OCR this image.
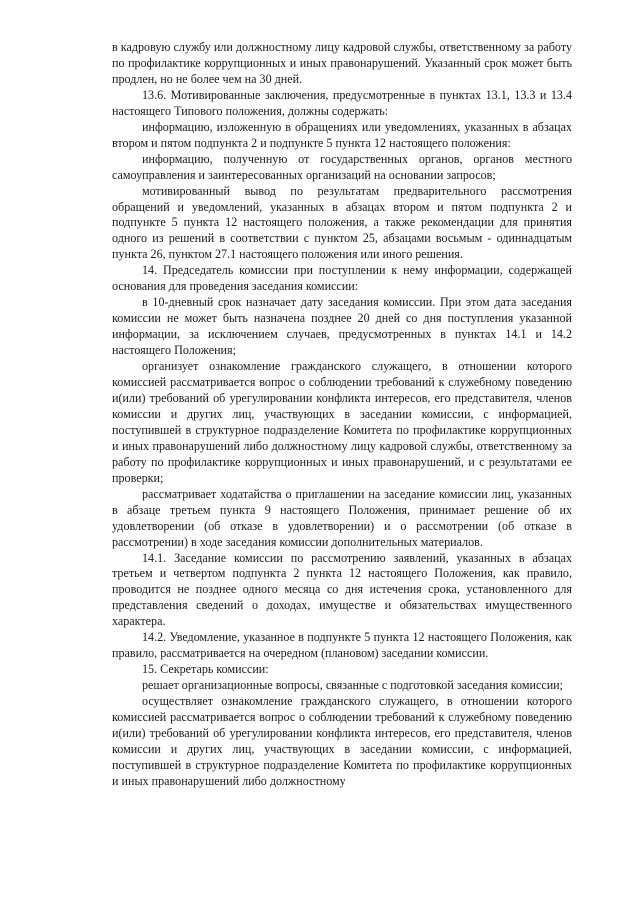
в кадровую службу или должностному лицу кадровой службы, ответственному за работу по профилактике коррупционных и иных правонарушений. Указанный срок может быть продлен, но не более чем на 30 дней.

13.6. Мотивированные заключения, предусмотренные в пунктах 13.1, 13.3 и 13.4 настоящего Типового положения, должны содержать:

информацию, изложенную в обращениях или уведомлениях, указанных в абзацах втором и пятом подпункта 2 и подпункте 5 пункта 12 настоящего положения:

информацию, полученную от государственных органов, органов местного самоуправления и заинтересованных организаций на основании запросов;

мотивированный вывод по результатам предварительного рассмотрения обращений и уведомлений, указанных в абзацах втором и пятом подпункта 2 и подпункте 5 пункта 12 настоящего положения, а также рекомендации для принятия одного из решений в соответствии с пунктом 25, абзацами восьмым - одиннадцатым пункта 26, пунктом 27.1 настоящего положения или иного решения.

14. Председатель комиссии при поступлении к нему информации, содержащей основания для проведения заседания комиссии:

в 10-дневный срок назначает дату заседания комиссии. При этом дата заседания комиссии не может быть назначена позднее 20 дней со дня поступления указанной информации, за исключением случаев, предусмотренных в пунктах 14.1 и 14.2 настоящего Положения;

организует ознакомление гражданского служащего, в отношении которого комиссией рассматривается вопрос о соблюдении требований к служебному поведению и(или) требований об урегулировании конфликта интересов, его представителя, членов комиссии и других лиц, участвующих в заседании комиссии, с информацией, поступившей в структурное подразделение Комитета по профилактике коррупционных и иных правонарушений либо должностному лицу кадровой службы, ответственному за работу по профилактике коррупционных и иных правонарушений, и с результатами ее проверки;

рассматривает ходатайства о приглашении на заседание комиссии лиц, указанных в абзаце третьем пункта 9 настоящего Положения, принимает решение об их удовлетворении (об отказе в удовлетворении) и о рассмотрении (об отказе в рассмотрении) в ходе заседания комиссии дополнительных материалов.

14.1. Заседание комиссии по рассмотрению заявлений, указанных в абзацах третьем и четвертом подпункта 2 пункта 12 настоящего Положения, как правило, проводится не позднее одного месяца со дня истечения срока, установленного для представления сведений о доходах, имуществе и обязательствах имущественного характера.

14.2. Уведомление, указанное в подпункте 5 пункта 12 настоящего Положения, как правило, рассматривается на очередном (плановом) заседании комиссии.

15. Секретарь комиссии:

решает организационные вопросы, связанные с подготовкой заседания комиссии;

осуществляет ознакомление гражданского служащего, в отношении которого комиссией рассматривается вопрос о соблюдении требований к служебному поведению и(или) требований об урегулировании конфликта интересов, его представителя, членов комиссии и других лиц, участвующих в заседании комиссии, с информацией, поступившей в структурное подразделение Комитета по профилактике коррупционных и иных правонарушений либо должностному
